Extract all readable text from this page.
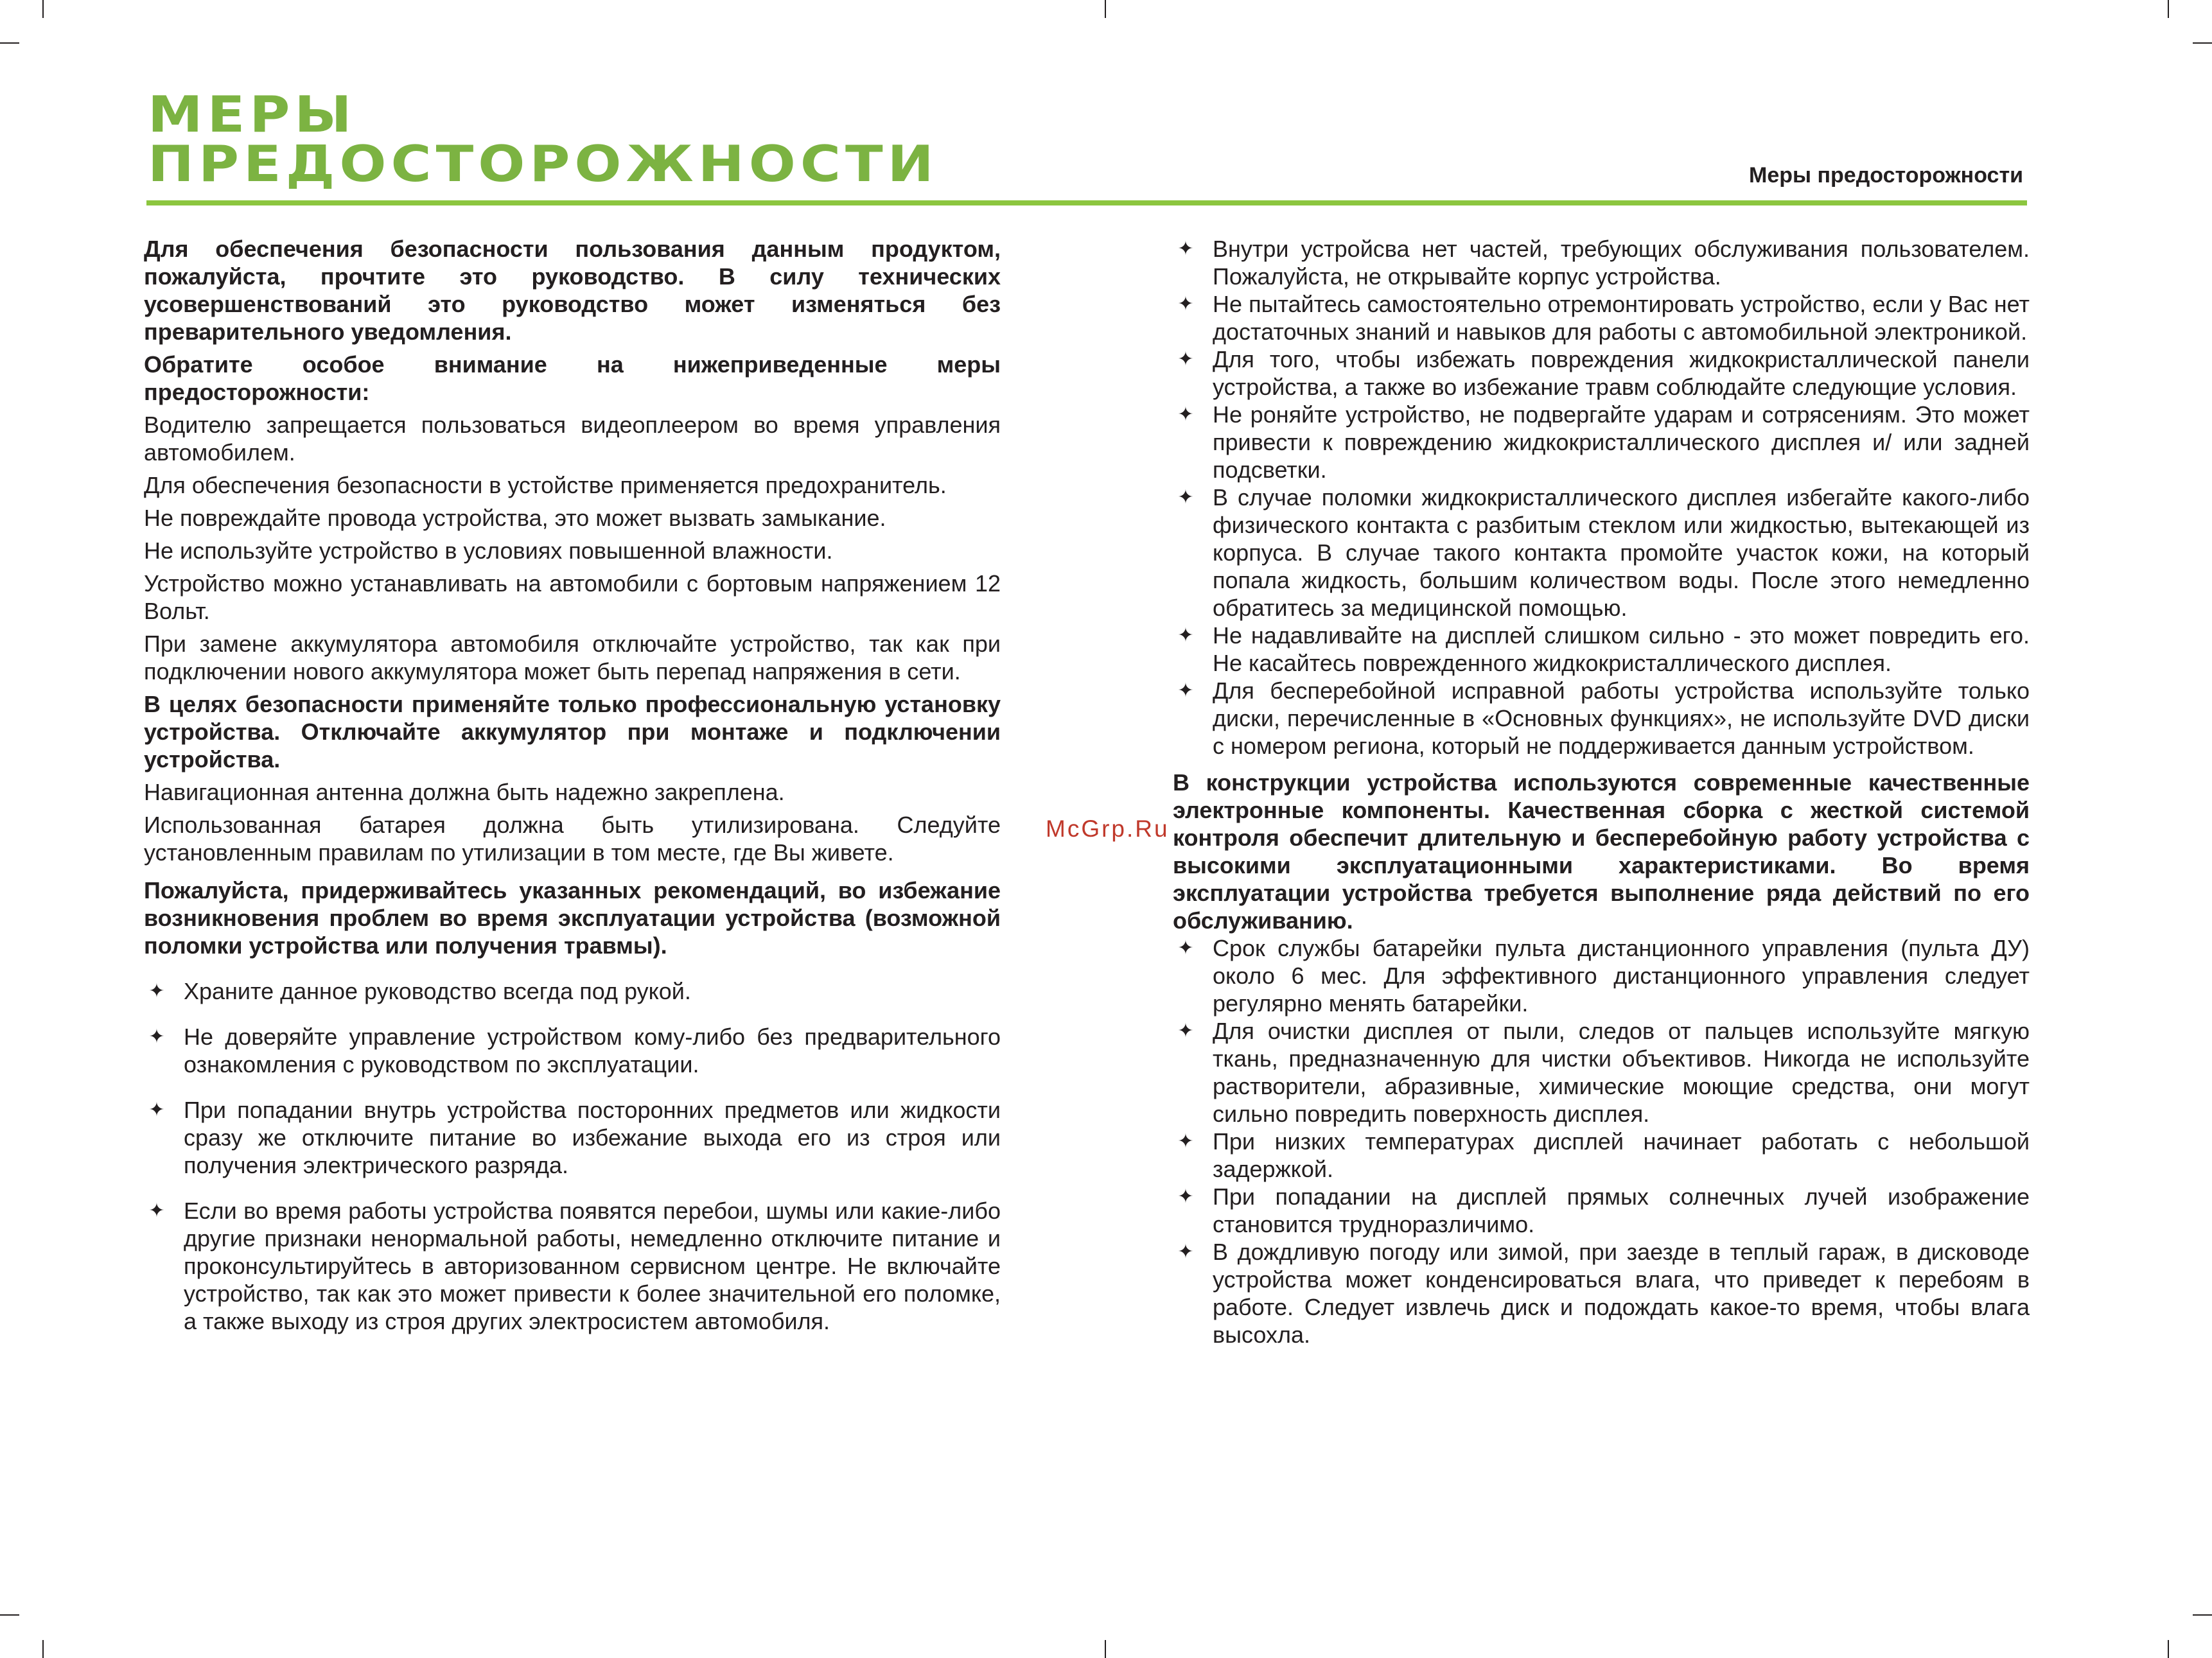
МЕРЫ
ПРЕДОСТОРОЖНОСТИ	Меры предосторожности

Для обеспечения безопасности пользования данным продуктом, пожалуйста, прочтите это руководство. В силу технических усовершенствований это руководство может изменяться без преварительного уведомления.

Обратите особое внимание на нижеприведенные меры предосторожности:

Водителю запрещается пользоваться видеоплеером во время управления автомобилем.

Для обеспечения безопасности в устойстве применяется предохранитель.

Не повреждайте провода устройства, это может вызвать замыкание.

Не используйте устройство в условиях повышенной влажности.

Устройство можно устанавливать на автомобили с бортовым напряжением 12 Вольт.

При замене аккумулятора автомобиля отключайте устройство, так как при подключении нового аккумулятора может быть перепад напряжения в сети.

В целях безопасности применяйте только профессиональную установку устройства. Отключайте аккумулятор при монтаже и подключении устройства.

Навигационная антенна должна быть надежно закреплена.

Использованная батарея должна быть утилизирована. Следуйте установленным правилам по утилизации в том месте, где Вы живете.

Пожалуйста, придерживайтесь указанных рекомендаций, во избежание возникновения проблем во время эксплуатации устройства (возможной поломки устройства или получения травмы).

✦ Храните данное руководство всегда под рукой.
✦ Не доверяйте управление устройством кому-либо без предварительного ознакомления с руководством по эксплуатации.
✦ При попадании внутрь устройства посторонних предметов или жидкости сразу же отключите питание во избежание выхода его из строя или получения электрического разряда.
✦ Если во время работы устройства появятся перебои, шумы или какие-либо другие признаки ненормальной работы, немедленно отключите питание и проконсультируйтесь в авторизованном сервисном центре. Не включайте устройство, так как это может привести к более значительной его поломке, а также выходу из строя других электросистем автомобиля.
✦ Внутри устройсва нет частей, требующих обслуживания пользователем. Пожалуйста, не открывайте корпус устройства.
✦ Не пытайтесь самостоятельно отремонтировать устройство, если у Вас нет достаточных знаний и навыков для работы с автомобильной электроникой.
✦ Для того, чтобы избежать повреждения жидкокристаллической панели устройства, а также во избежание травм соблюдайте следующие условия.
✦ Не роняйте устройство, не подвергайте ударам и сотрясениям. Это может привести к повреждению жидкокристаллического дисплея и/ или задней подсветки.
✦ В случае поломки жидкокристаллического дисплея избегайте какого-либо физического контакта с разбитым стеклом или жидкостью, вытекающей из корпуса. В случае такого контакта промойте участок кожи, на который попала жидкость, большим количеством воды. После этого немедленно обратитесь за медицинской помощью.
✦ Не надавливайте на дисплей слишком сильно - это может повредить его. Не касайтесь поврежденного жидкокристаллического дисплея.
✦ Для бесперебойной исправной работы устройства используйте только диски, перечисленные в «Основных функциях», не используйте DVD диски с номером региона, который не поддерживается данным устройством.

В конструкции устройства используются современные качественные электронные компоненты. Качественная сборка с жесткой системой контроля обеспечит длительную и бесперебойную работу устройства с высокими эксплуатационными характеристиками. Во время эксплуатации устройства требуется выполнение ряда действий по его обслуживанию.

✦ Срок службы батарейки пульта дистанционного управления (пульта ДУ) около 6 мес. Для эффективного дистанционного управления следует регулярно менять батарейки.
✦ Для очистки дисплея от пыли, следов от пальцев используйте мягкую ткань, предназначенную для чистки объективов. Никогда не используйте растворители, абразивные, химические моющие средства, они могут сильно повредить поверхность дисплея.
✦ При низких температурах дисплей начинает работать с небольшой задержкой.
✦ При попадании на дисплей прямых солнечных лучей изображение становится трудноразличимо.
✦ В дождливую погоду или зимой, при заезде в теплый гараж, в дисководе устройства может конденсироваться влага, что приведет к перебоям в работе. Следует извлечь диск и подождать какое-то время, чтобы влага высохла.
McGrp.Ru
